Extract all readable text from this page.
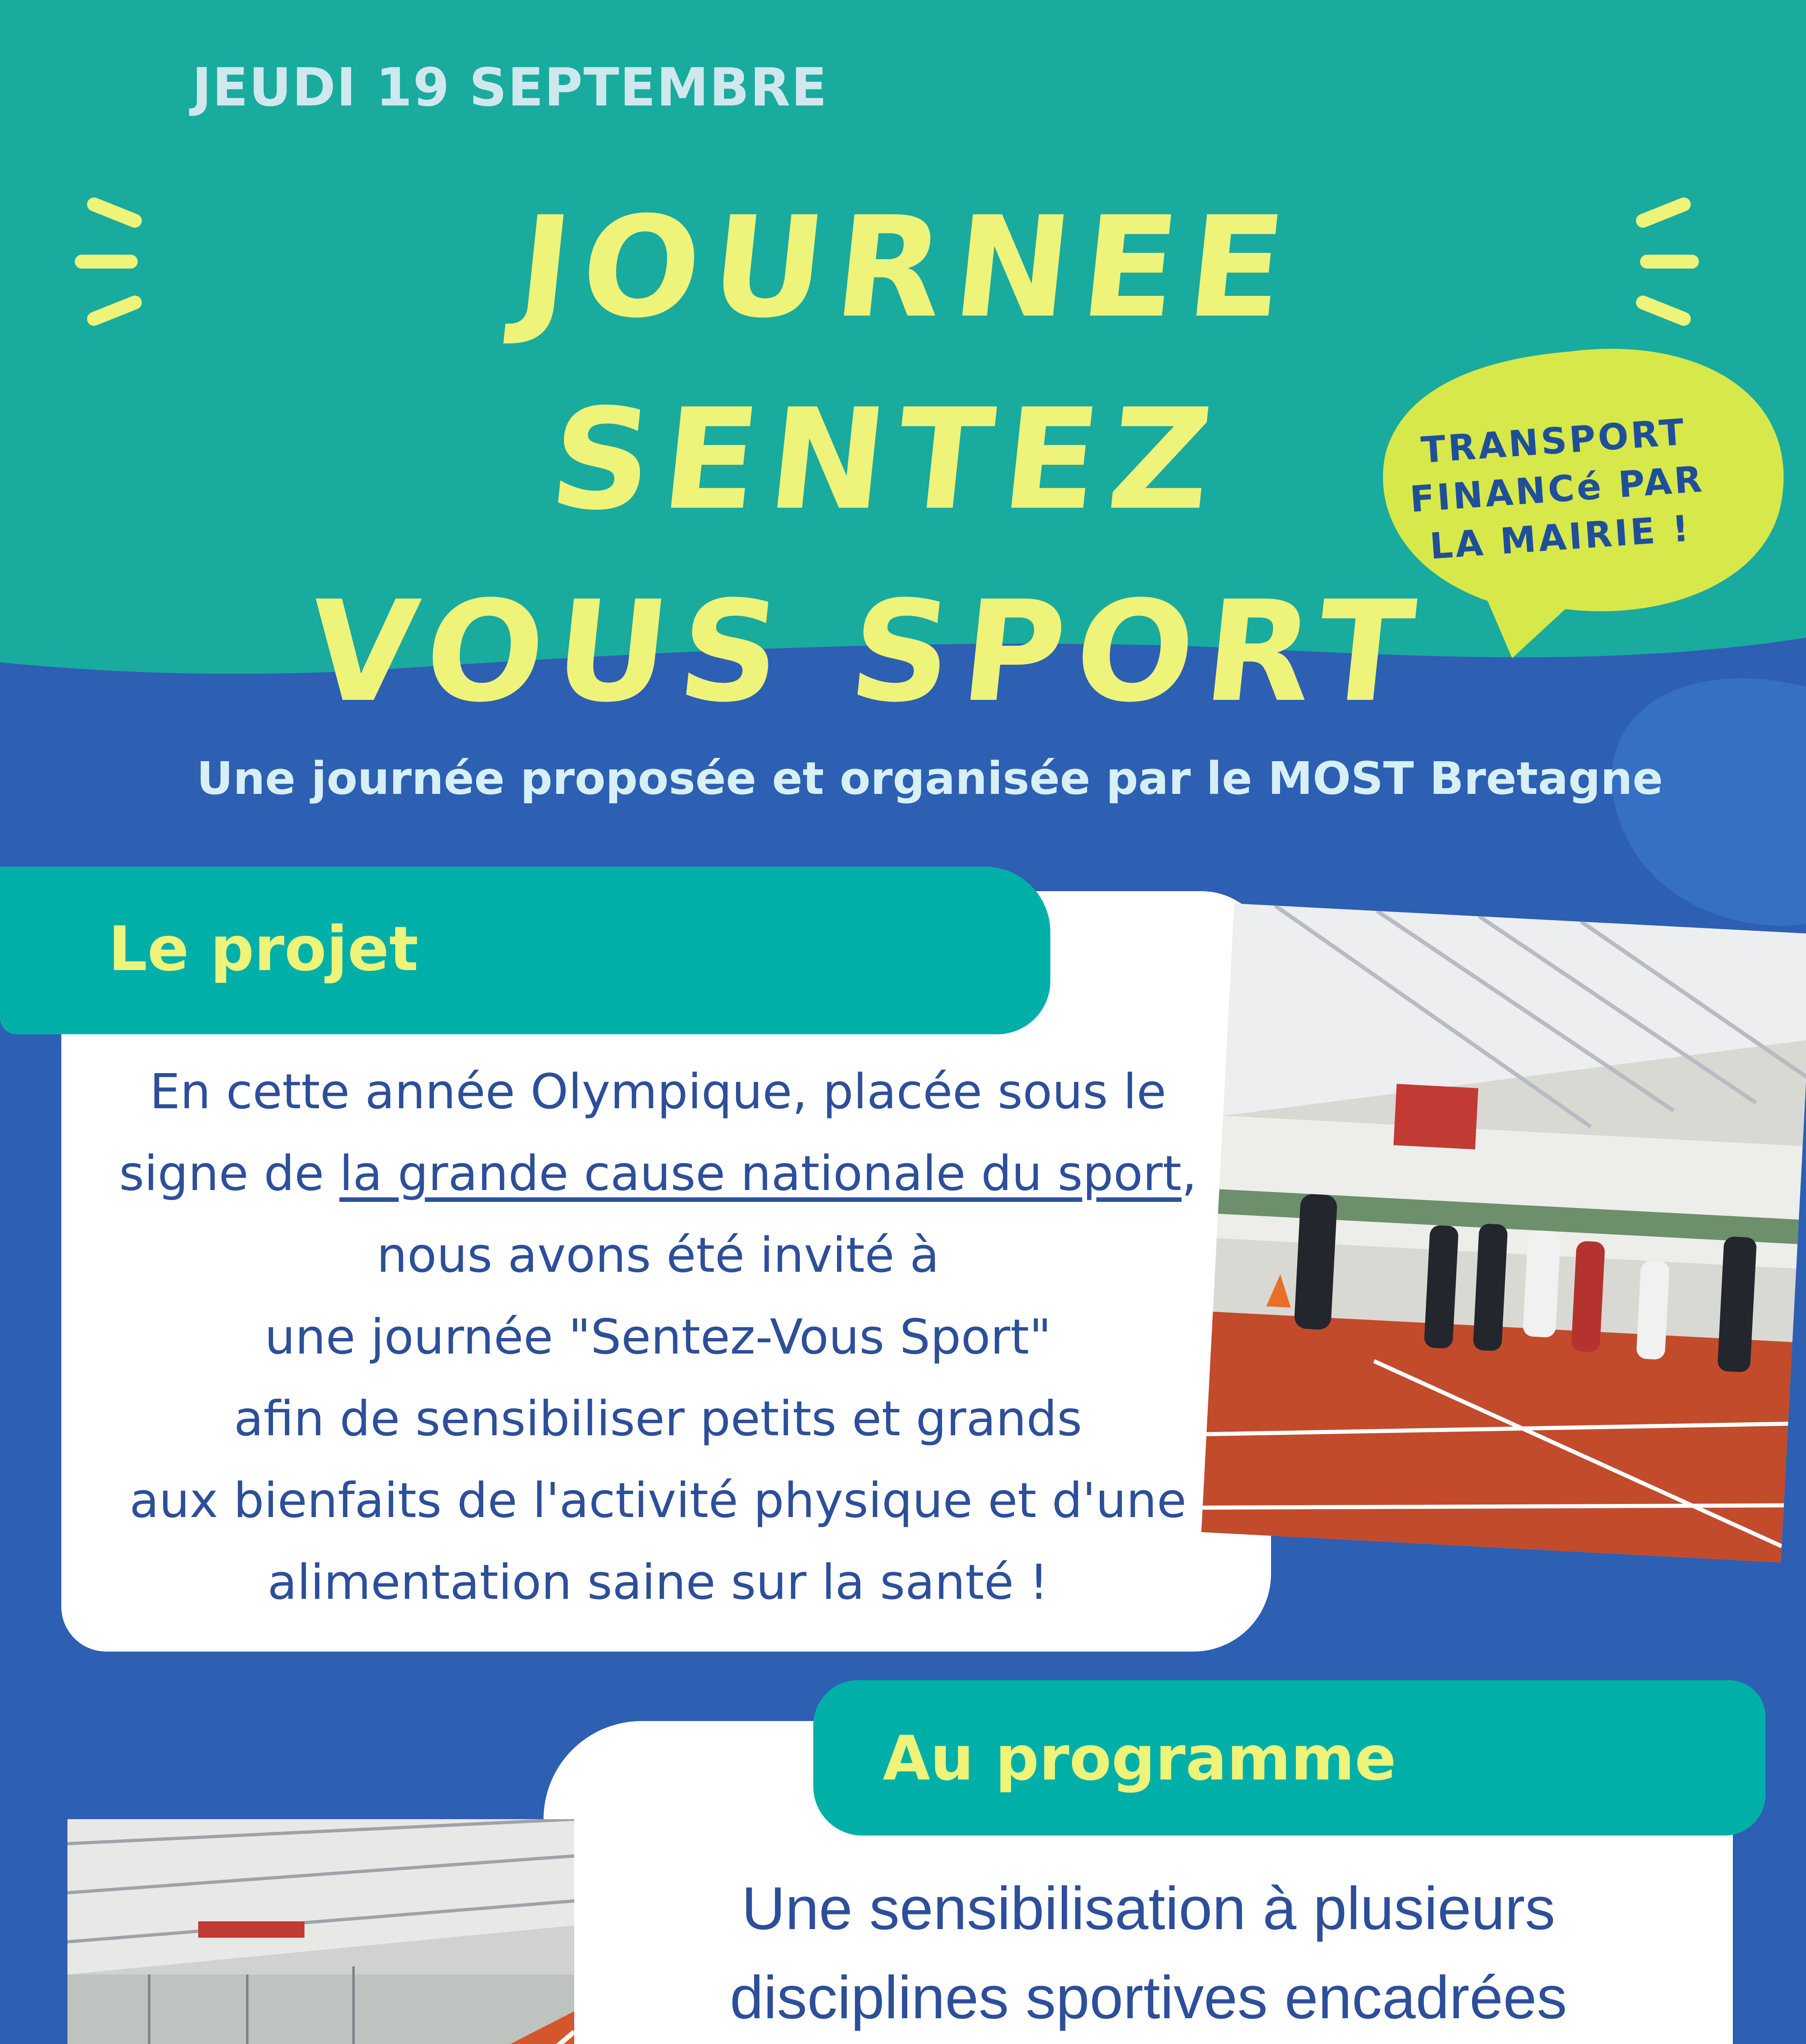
JEUDI 19 SEPTEMBRE
JOURNEE SENTEZ
VOUS SPORT
TRANSPORT
FINANCé PAR
LA MAIRIE !
Une journée proposée et organisée par le MOST Bretagne
Le projet
En cette année Olympique, placée sous le
signe de la grande cause nationale du sport,
nous avons été invité à
une journée "Sentez-Vous Sport"
afin de sensibiliser petits et grands
aux bienfaits de l'activité physique et d'une
alimentation saine sur la santé !
Au programme
Une sensibilisation à plusieurs
disciplines sportives encadrées
